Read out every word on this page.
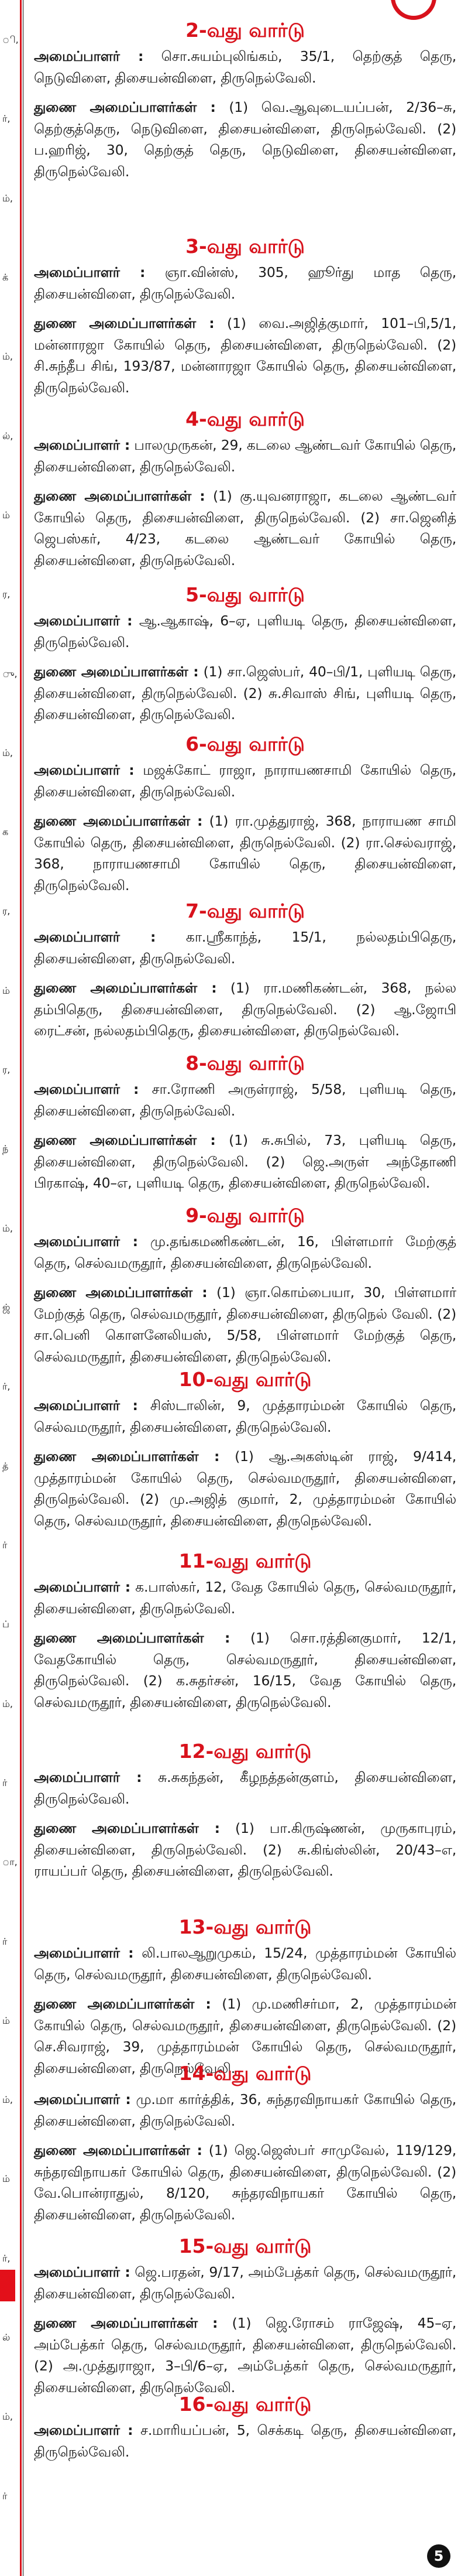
ி,
ர்,
ம்,
க்
ம்,
ல்,
ம்
ர,
ு,
ம்,
க
ர,
ம்
ர,
ந்
ம்,
ஜ்
ர்,
த்
ர்
ப்
ம்,
ர்
ா,
ர்
ம்
ம்,
ம்
ர்,
ல்
ம்,
ர்
2-வது வார்டு

அமைப்பாளர் : சொ.சுயம்புலிங்கம், 35/1, தெற்குத் தெரு, நெடுவிளை, திசையன்விளை, திருநெல்வேலி.

துணை அமைப்பாளர்கள் : (1) வெ.ஆவுடையப்பன், 2/36–சு, தெற்குத்தெரு, நெடுவிளை, திசையன்விளை, திருநெல்வேலி. (2) ப.ஹரிஜ், 30, தெற்குத் தெரு, நெடுவிளை, திசையன்விளை, திருநெல்வேலி.

3-வது வார்டு

அமைப்பாளர் : ஞா.வின்ஸ், 305, ஹூர்து மாத தெரு, திசையன்விளை, திருநெல்வேலி.

துணை அமைப்பாளர்கள் : (1) வை.அஜித்குமார், 101–பி,5/1, மன்னாரஜா கோயில் தெரு, திசையன்விளை, திருநெல்வேலி. (2) சி.சுந்தீப சிங், 193/87, மன்னாரஜா கோயில் தெரு, திசையன்விளை, திருநெல்வேலி.

4-வது வார்டு

அமைப்பாளர் : பாலமுருகன், 29, கடலை ஆண்டவர் கோயில் தெரு, திசையன்விளை, திருநெல்வேலி.

துணை அமைப்பாளர்கள் : (1) கு.யுவனராஜா, கடலை ஆண்டவர் கோயில் தெரு, திசையன்விளை, திருநெல்வேலி. (2) சா.ஜெனித் ஜெபஸ்கர், 4/23, கடலை ஆண்டவர் கோயில் தெரு, திசையன்விளை, திருநெல்வேலி.

5-வது வார்டு

அமைப்பாளர் : ஆ.ஆகாஷ், 6–ஏ, புளியடி தெரு, திசையன்விளை, திருநெல்வேலி.

துணை அமைப்பாளர்கள் : (1) சா.ஜெஸ்பர், 40–பி/1, புளியடி தெரு, திசையன்விளை, திருநெல்வேலி. (2) சு.சிவாஸ் சிங், புளியடி தெரு, திசையன்விளை, திருநெல்வேலி.

6-வது வார்டு

அமைப்பாளர் : மஜக்கோட் ராஜா, நாராயணசாமி கோயில் தெரு, திசையன்விளை, திருநெல்வேலி.

துணை அமைப்பாளர்கள் : (1) ரா.முத்துராஜ், 368, நாராயண சாமி கோயில் தெரு, திசையன்விளை, திருநெல்வேலி. (2) ரா.செல்வராஜ், 368, நாராயணசாமி கோயில் தெரு, திசையன்விளை, திருநெல்வேலி.

7-வது வார்டு

அமைப்பாளர் : கா.ஸ்ரீகாந்த், 15/1, நல்லதம்பிதெரு, திசையன்விளை, திருநெல்வேலி.

துணை அமைப்பாளர்கள் : (1) ரா.மணிகண்டன், 368, நல்ல தம்பிதெரு, திசையன்விளை, திருநெல்வேலி. (2) ஆ.ஜோபி ரைட்சன், நல்லதம்பிதெரு, திசையன்விளை, திருநெல்வேலி.

8-வது வார்டு

அமைப்பாளர் : சா.ரோணி அருள்ராஜ், 5/58, புளியடி தெரு, திசையன்விளை, திருநெல்வேலி.

துணை அமைப்பாளர்கள் : (1) சு.சுபில், 73, புளியடி தெரு, திசையன்விளை, திருநெல்வேலி. (2) ஜெ.அருள் அந்தோணி பிரகாஷ், 40–எ, புளியடி தெரு, திசையன்விளை, திருநெல்வேலி.

9-வது வார்டு

அமைப்பாளர் : மு.தங்கமணிகண்டன், 16, பிள்ளமார் மேற்குத் தெரு, செல்வமருதூர், திசையன்விளை, திருநெல்வேலி.

துணை அமைப்பாளர்கள் : (1) ஞா.கொம்பையா, 30, பிள்ளமார் மேற்குத் தெரு, செல்வமருதூர், திசையன்விளை, திருநெல் வேலி. (2) சா.பெனி கொளனேலியஸ், 5/58, பிள்ளமார் மேற்குத் தெரு, செல்வமருதூர், திசையன்விளை, திருநெல்வேலி.

10-வது வார்டு

அமைப்பாளர் : சிஸ்டாலின், 9, முத்தாரம்மன் கோயில் தெரு, செல்வமருதூர், திசையன்விளை, திருநெல்வேலி.

துணை அமைப்பாளர்கள் : (1) ஆ.அகஸ்டின் ராஜ், 9/414, முத்தாரம்மன் கோயில் தெரு, செல்வமருதூர், திசையன்விளை, திருநெல்வேலி. (2) மு.அஜித் குமார், 2, முத்தாரம்மன் கோயில் தெரு, செல்வமருதூர், திசையன்விளை, திருநெல்வேலி.

11-வது வார்டு

அமைப்பாளர் : க.பாஸ்கர், 12, வேத கோயில் தெரு, செல்வமருதூர், திசையன்விளை, திருநெல்வேலி.

துணை அமைப்பாளர்கள் : (1) சொ.ரத்தினகுமார், 12/1, வேதகோயில் தெரு, செல்வமருதூர், திசையன்விளை, திருநெல்வேலி. (2) க.சுதர்சன், 16/15, வேத கோயில் தெரு, செல்வமருதூர், திசையன்விளை, திருநெல்வேலி.

12-வது வார்டு

அமைப்பாளர் : சு.சுகந்தன், கீழநத்தன்குளம், திசையன்விளை, திருநெல்வேலி.

துணை அமைப்பாளர்கள் : (1) பா.கிருஷ்ணன், முருகாபுரம், திசையன்விளை, திருநெல்வேலி. (2) சு.கிங்ஸ்லின், 20/43–எ, ராயப்பர் தெரு, திசையன்விளை, திருநெல்வேலி.

13-வது வார்டு

அமைப்பாளர் : லி.பாலஆறுமுகம், 15/24, முத்தாரம்மன் கோயில் தெரு, செல்வமருதூர், திசையன்விளை, திருநெல்வேலி.

துணை அமைப்பாளர்கள் : (1) மு.மணிசர்மா, 2, முத்தாரம்மன் கோயில் தெரு, செல்வமருதூர், திசையன்விளை, திருநெல்வேலி. (2) செ.சிவராஜ், 39, முத்தாரம்மன் கோயில் தெரு, செல்வமருதூர், திசையன்விளை, திருநெல்வேலி.

14-வது வார்டு

அமைப்பாளர் : மு.மா கார்த்திக், 36, சுந்தரவிநாயகர் கோயில் தெரு, திசையன்விளை, திருநெல்வேலி.

துணை அமைப்பாளர்கள் : (1) ஜெ.ஜெஸ்பர் சாமுவேல், 119/129, சுந்தரவிநாயகர் கோயில் தெரு, திசையன்விளை, திருநெல்வேலி. (2) வே.பொன்ராதுல், 8/120, சுந்தரவிநாயகர் கோயில் தெரு, திசையன்விளை, திருநெல்வேலி.

15-வது வார்டு

அமைப்பாளர் : ஜெ.பரதன், 9/17, அம்பேத்கர் தெரு, செல்வமருதூர், திசையன்விளை, திருநெல்வேலி.

துணை அமைப்பாளர்கள் : (1) ஜெ.ரோசம் ராஜேஷ், 45–ஏ, அம்பேத்கர் தெரு, செல்வமருதூர், திசையன்விளை, திருநெல்வேலி. (2) அ.முத்துராஜா, 3–பி/6–ஏ, அம்பேத்கர் தெரு, செல்வமருதூர், திசையன்விளை, திருநெல்வேலி.

16-வது வார்டு

அமைப்பாளர் : ச.மாரியப்பன், 5, செக்கடி தெரு, திசையன்விளை, திருநெல்வேலி.

5
